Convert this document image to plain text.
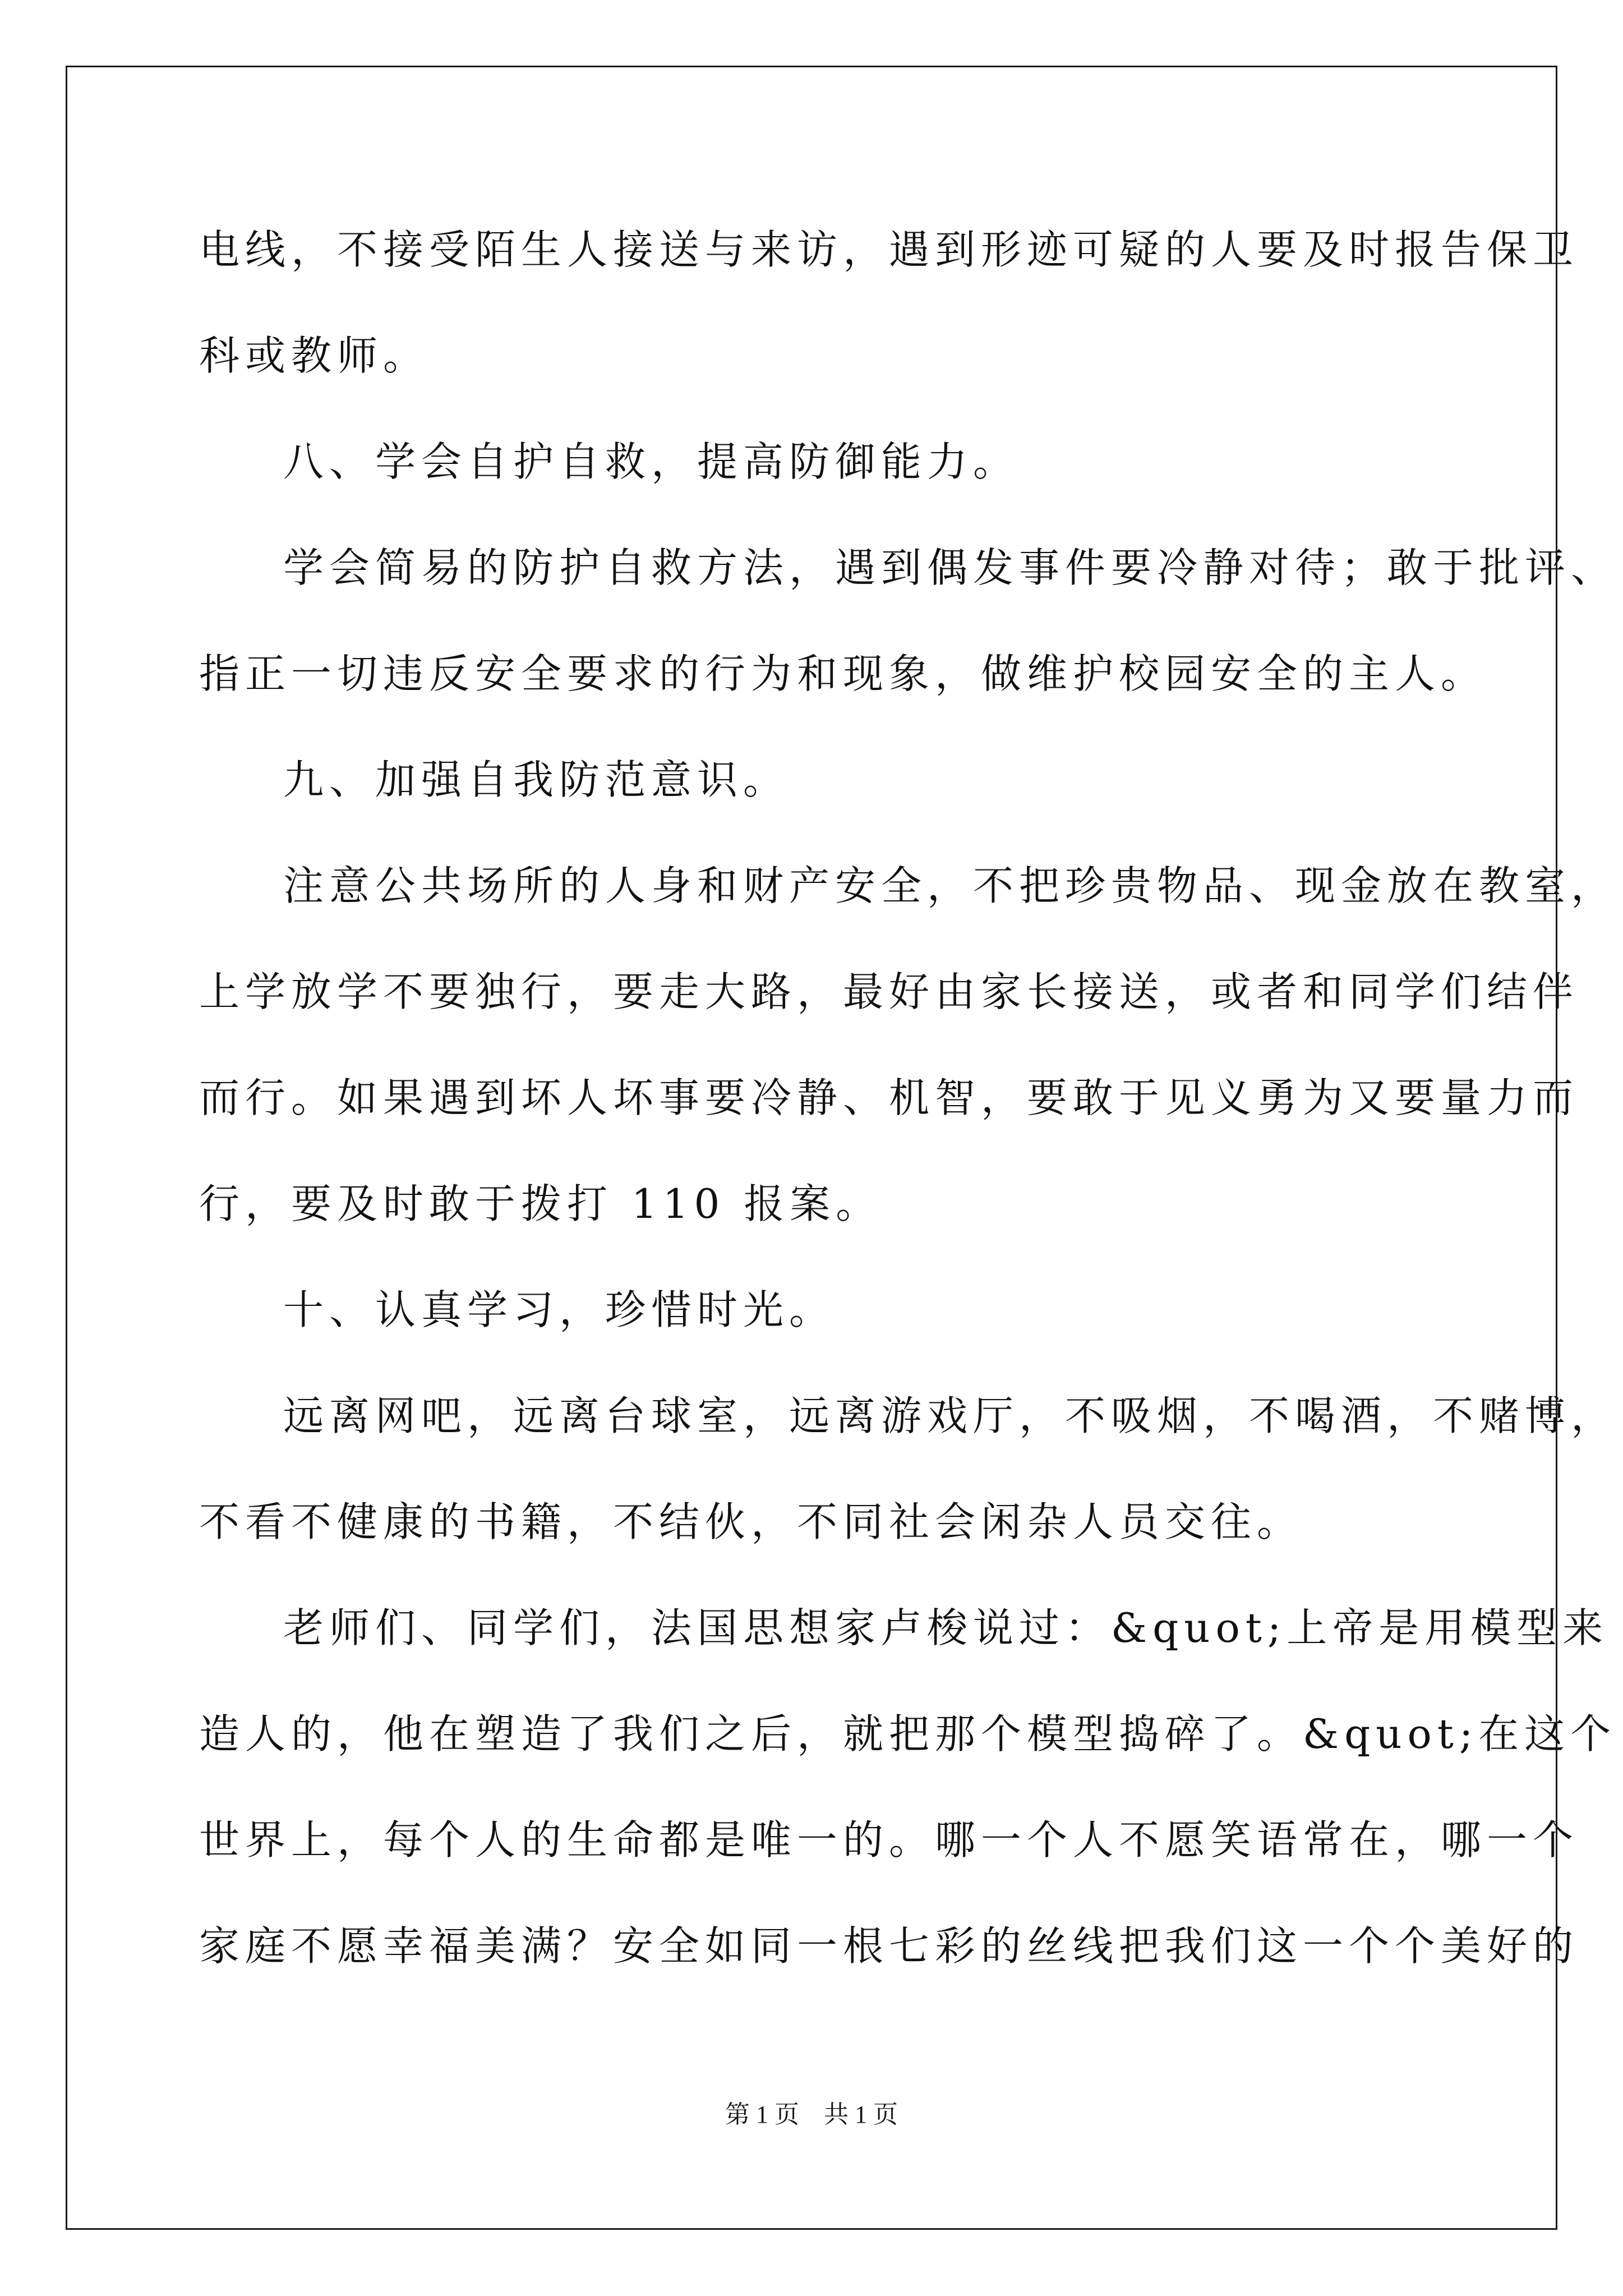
电线，不接受陌生人接送与来访，遇到形迹可疑的人要及时报告保卫
科或教师。
八、学会自护自救，提高防御能力。
学会简易的防护自救方法，遇到偶发事件要冷静对待；敢于批评、
指正一切违反安全要求的行为和现象，做维护校园安全的主人。
九、加强自我防范意识。
注意公共场所的人身和财产安全，不把珍贵物品、现金放在教室，
上学放学不要独行，要走大路，最好由家长接送，或者和同学们结伴
而行。如果遇到坏人坏事要冷静、机智，要敢于见义勇为又要量力而
行，要及时敢于拨打 110 报案。
十、认真学习，珍惜时光。
远离网吧，远离台球室，远离游戏厅，不吸烟，不喝酒，不赌博，
不看不健康的书籍，不结伙，不同社会闲杂人员交往。
老师们、同学们，法国思想家卢梭说过：&quot;上帝是用模型来
造人的，他在塑造了我们之后，就把那个模型捣碎了。&quot;在这个
世界上，每个人的生命都是唯一的。哪一个人不愿笑语常在，哪一个
家庭不愿幸福美满？安全如同一根七彩的丝线把我们这一个个美好的
第 1 页　共 1 页
